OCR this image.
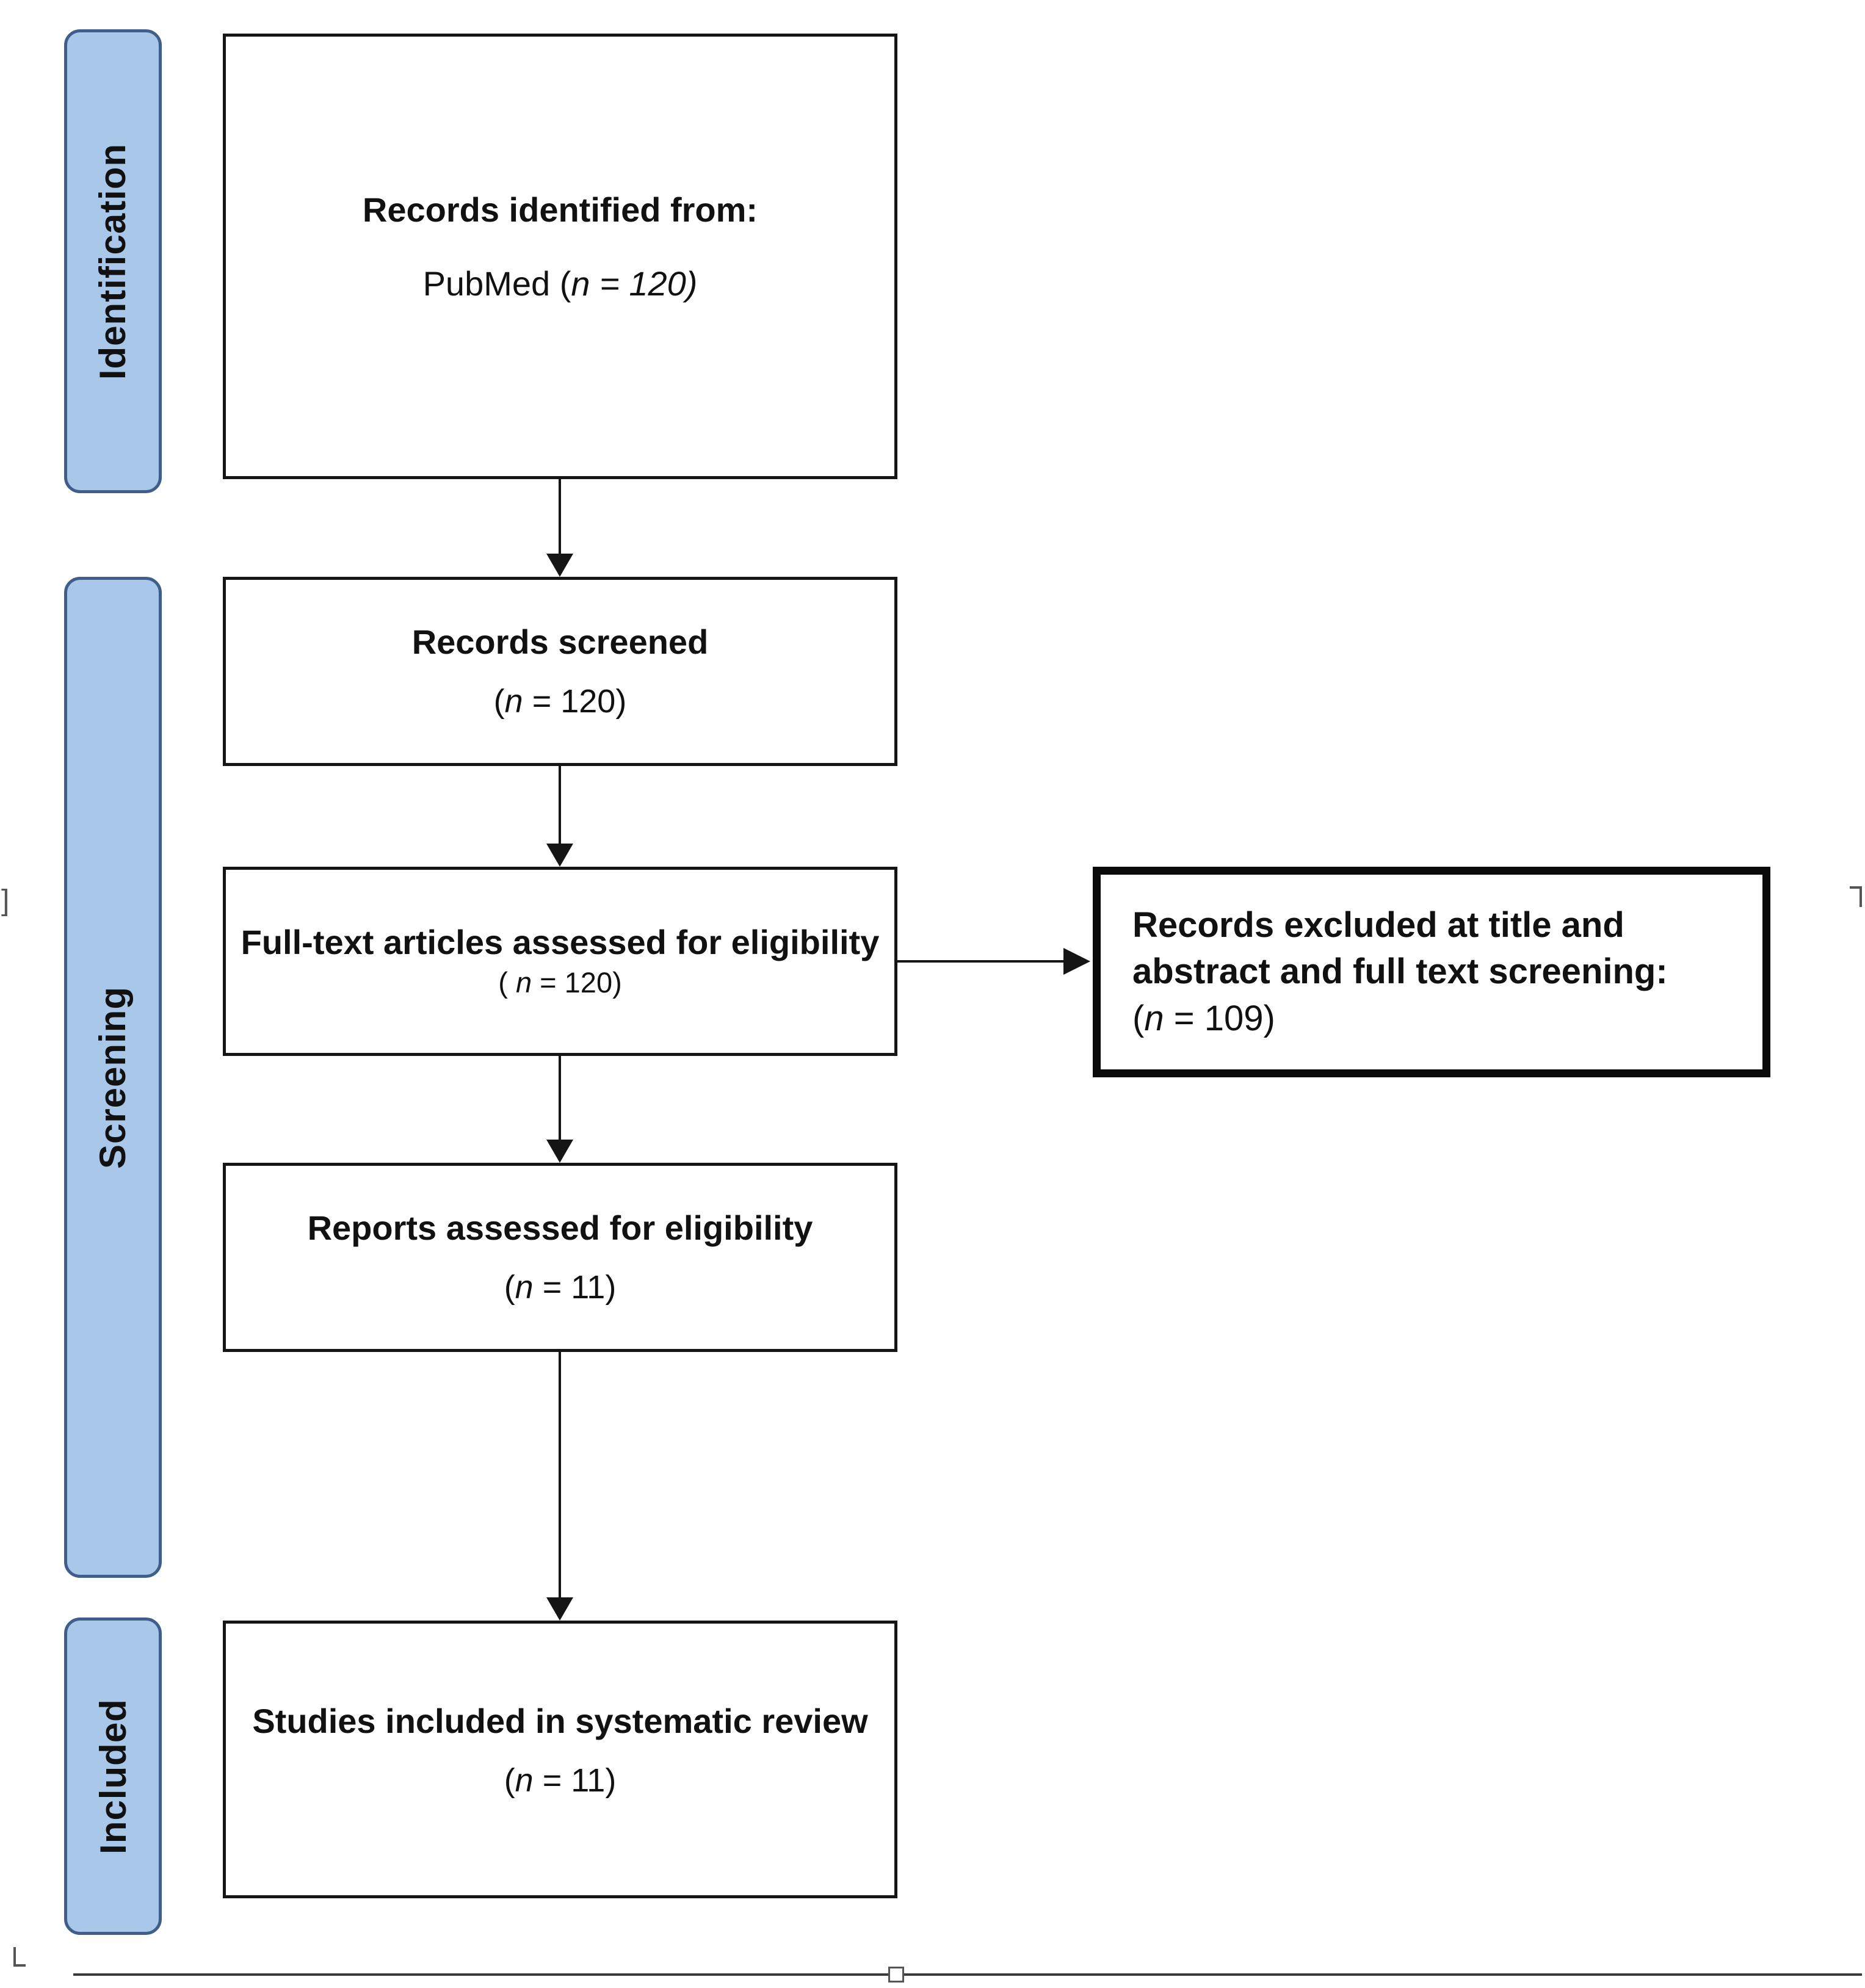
Identification
Screening
Included
Records identified from:
PubMed (n = 120)
Records screened
(n = 120)
Full-text articles assessed for eligibility
( n = 120)
Reports assessed for eligibility
(n = 11)
Studies included in systematic review
(n = 11)
Records excluded at title and abstract and full text screening: (n = 109)
]
